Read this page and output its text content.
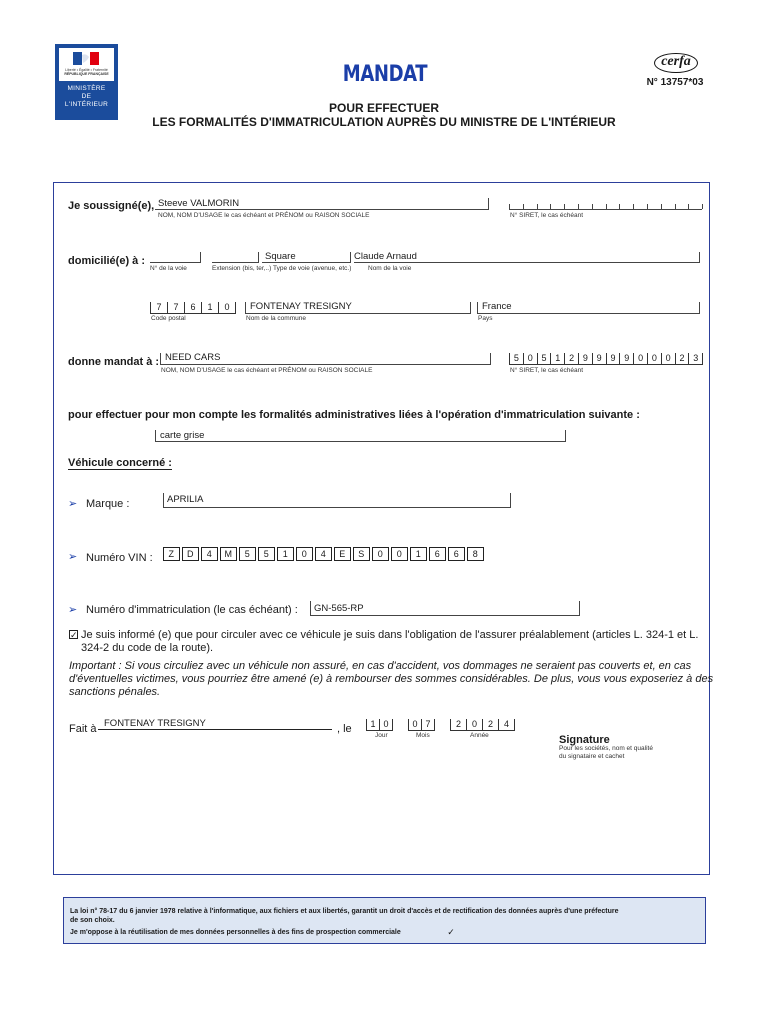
Liberté • Égalité • Fraternité
RÉPUBLIQUE FRANÇAISE
MINISTÈRE
DE
L'INTÉRIEUR
MANDAT
cerfa
N° 13757*03
POUR EFFECTUER
LES FORMALITÉS D'IMMATRICULATION AUPRÈS DU MINISTRE DE L'INTÉRIEUR
Je soussigné(e), Steeve VALMORIN
NOM, NOM D'USAGE le cas échéant et PRÉNOM ou RAISON SOCIALE	N° SIRET, le cas échéant
domicilié(e) à :
N° de la voie	Extension (bis, ter,..)
Square
Type de voie (avenue, etc.)
Claude Arnaud
Nom de la voie
7	7	6	1	0
Code postal
FONTENAY TRESIGNY
Nom de la commune
France
Pays
donne mandat à : NEED CARS
NOM, NOM D'USAGE le cas échéant et PRÉNOM ou RAISON SOCIALE
5 0 5 1 2 9 9 9 9 0 0 0 2 3
N° SIRET, le cas échéant
pour effectuer pour mon compte les formalités administratives liées à l'opération d'immatriculation suivante :
carte grise
Véhicule concerné :
➢ Marque :	APRILIA
➢ Numéro VIN :	Z	D	4	M	5	5	1	0	4	E	S	0	0	1	6	6	8
➢ Numéro d'immatriculation (le cas échéant) : GN-565-RP
✓ Je suis informé (e) que pour circuler avec ce véhicule je suis dans l'obligation de l'assurer préalablement (articles L. 324-1 et L.
324-2 du code de la route).
Important : Si vous circuliez avec un véhicule non assuré, en cas d'accident, vos dommages ne seraient pas couverts et, en cas
d'éventuelles victimes, vous pourriez être amené (e) à rembourser des sommes considérables. De plus, vous vous exposeriez à des
sanctions pénales.
Fait à FONTENAY TRESIGNY	, le	1 0	0 7	2	0	2	4
Jour	Mois	Année	Signature
Pour les sociétés, nom et qualité
du signataire et cachet
La loi n° 78-17 du 6 janvier 1978 relative à l'informatique, aux fichiers et aux libertés, garantit un droit d'accès et de rectification des données auprès d'une préfecture
de son choix.
Je m'oppose à la réutilisation de mes données personnelles à des fins de prospection commerciale	✓
